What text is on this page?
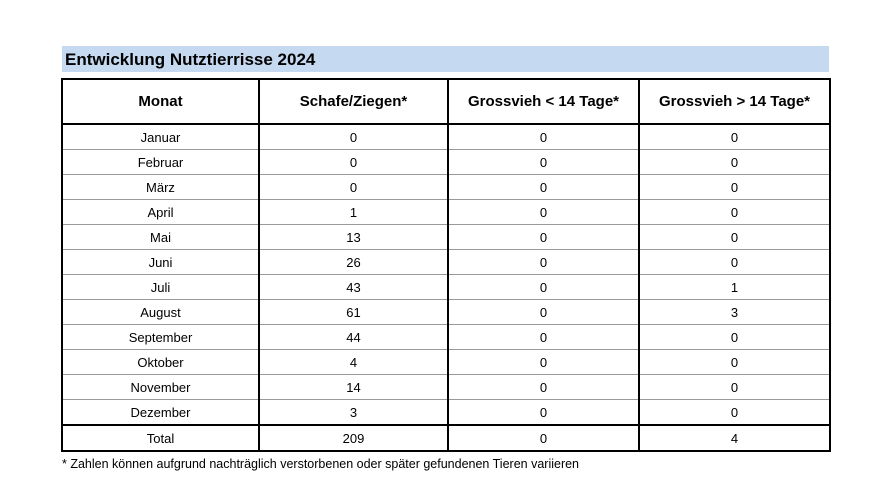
Entwicklung Nutztierrisse 2024
Monat	Schafe/Ziegen*	Grossvieh < 14 Tage*	Grossvieh > 14 Tage*
Januar	0	0	0
Februar	0	0	0
März	0	0	0
April	1	0	0
Mai	13	0	0
Juni	26	0	0
Juli	43	0	1
August	61	0	3
September	44	0	0
Oktober	4	0	0
November	14	0	0
Dezember	3	0	0
Total	209	0	4
* Zahlen können aufgrund nachträglich verstorbenen oder später gefundenen Tieren variieren
